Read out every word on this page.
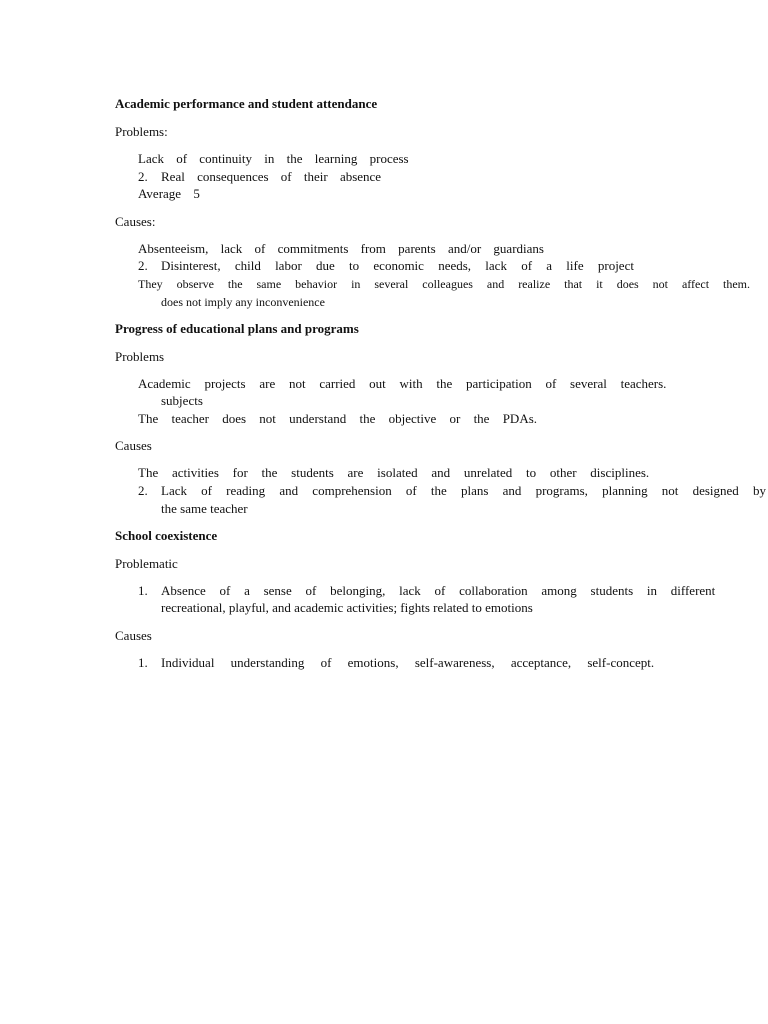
Academic performance and student attendance
Problems:
Lack of continuity in the learning process
2. Real consequences of their absence
Average 5
Causes:
Absenteeism, lack of commitments from parents and/or guardians
2. Disinterest, child labor due to economic needs, lack of a life project
They observe the same behavior in several colleagues and realize that it does not affect them.
does not imply any inconvenience
Progress of educational plans and programs
Problems
Academic projects are not carried out with the participation of several teachers.
subjects
The teacher does not understand the objective or the PDAs.
Causes
The activities for the students are isolated and unrelated to other disciplines.
2. Lack of reading and comprehension of the plans and programs, planning not designed by
the same teacher
School coexistence
Problematic
1. Absence of a sense of belonging, lack of collaboration among students in different
recreational, playful, and academic activities; fights related to emotions
Causes
1. Individual understanding of emotions, self-awareness, acceptance, self-concept.
